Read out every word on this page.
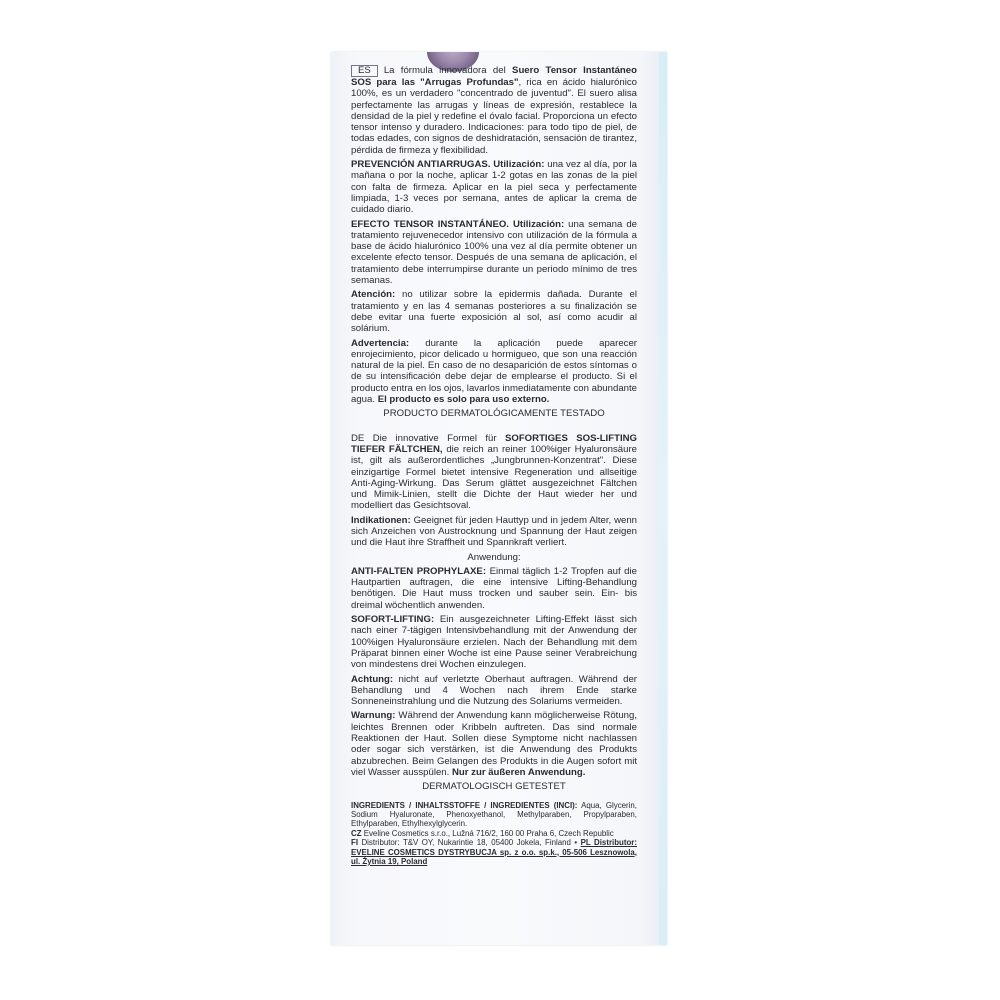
ES La fórmula innovadora del Suero Tensor Instantáneo SOS para las "Arrugas Profundas", rica en ácido hialurónico 100%, es un verdadero "concentrado de juventud". El suero alisa perfectamente las arrugas y líneas de expresión, restablece la densidad de la piel y redefine el óvalo facial. Proporciona un efecto tensor intenso y duradero. Indicaciones: para todo tipo de piel, de todas edades, con signos de deshidratación, sensación de tirantez, pérdida de firmeza y flexibilidad.
PREVENCIÓN ANTIARRUGAS. Utilización: una vez al día, por la mañana o por la noche, aplicar 1-2 gotas en las zonas de la piel con falta de firmeza. Aplicar en la piel seca y perfectamente limpiada, 1-3 veces por semana, antes de aplicar la crema de cuidado diario.
EFECTO TENSOR INSTANTÁNEO. Utilización: una semana de tratamiento rejuvenecedor intensivo con utilización de la fórmula a base de ácido hialurónico 100% una vez al día permite obtener un excelente efecto tensor. Después de una semana de aplicación, el tratamiento debe interrumpirse durante un periodo mínimo de tres semanas.
Atención: no utilizar sobre la epidermis dañada. Durante el tratamiento y en las 4 semanas posteriores a su finalización se debe evitar una fuerte exposición al sol, así como acudir al solárium.
Advertencia: durante la aplicación puede aparecer enrojecimiento, picor delicado u hormigueo, que son una reacción natural de la piel. En caso de no desaparición de estos síntomas o de su intensificación debe dejar de emplearse el producto. Si el producto entra en los ojos, lavarlos inmediatamente con abundante agua. El producto es solo para uso externo.
PRODUCTO DERMATOLÓGICAMENTE TESTADO
DE Die innovative Formel für SOFORTIGES SOS-LIFTING TIEFER FÄLTCHEN, die reich an reiner 100%iger Hyaluronsäure ist, gilt als außerordentliches „Jungbrunnen-Konzentrat". Diese einzigartige Formel bietet intensive Regeneration und allseitige Anti-Aging-Wirkung. Das Serum glättet ausgezeichnet Fältchen und Mimik-Linien, stellt die Dichte der Haut wieder her und modelliert das Gesichtsoval.
Indikationen: Geeignet für jeden Hauttyp und in jedem Alter, wenn sich Anzeichen von Austrocknung und Spannung der Haut zeigen und die Haut ihre Straffheit und Spannkraft verliert.
Anwendung:
ANTI-FALTEN PROPHYLAXE: Einmal täglich 1-2 Tropfen auf die Hautpartien auftragen, die eine intensive Lifting-Behandlung benötigen. Die Haut muss trocken und sauber sein. Ein- bis dreimal wöchentlich anwenden.
SOFORT-LIFTING: Ein ausgezeichneter Lifting-Effekt lässt sich nach einer 7-tägigen Intensivbehandlung mit der Anwendung der 100%igen Hyaluronsäure erzielen. Nach der Behandlung mit dem Präparat binnen einer Woche ist eine Pause seiner Verabreichung von mindestens drei Wochen einzulegen.
Achtung: nicht auf verletzte Oberhaut auftragen. Während der Behandlung und 4 Wochen nach ihrem Ende starke Sonneneinstrahlung und die Nutzung des Solariums vermeiden.
Warnung: Während der Anwendung kann möglicherweise Rötung, leichtes Brennen oder Kribbeln auftreten. Das sind normale Reaktionen der Haut. Sollen diese Symptome nicht nachlassen oder sogar sich verstärken, ist die Anwendung des Produkts abzubrechen. Beim Gelangen des Produkts in die Augen sofort mit viel Wasser ausspülen. Nur zur äußeren Anwendung.
DERMATOLOGISCH GETESTET
INGREDIENTS / INHALTSSTOFFE / INGREDIENTES (INCI): Aqua, Glycerin, Sodium Hyaluronate, Phenoxyethanol, Methylparaben, Propylparaben, Ethylparaben, Ethylhexylglycerin.
CZ Eveline Cosmetics s.r.o., Lužná 716/2, 160 00 Praha 6, Czech Republic
FI Distributor: T&V OY, Nukarintie 18, 05400 Jokela, Finland • PL Distributor: EVELINE COSMETICS DYSTRYBUCJA sp. z o.o. sp.k., 05-506 Lesznowola, ul. Żytnia 19, Poland
